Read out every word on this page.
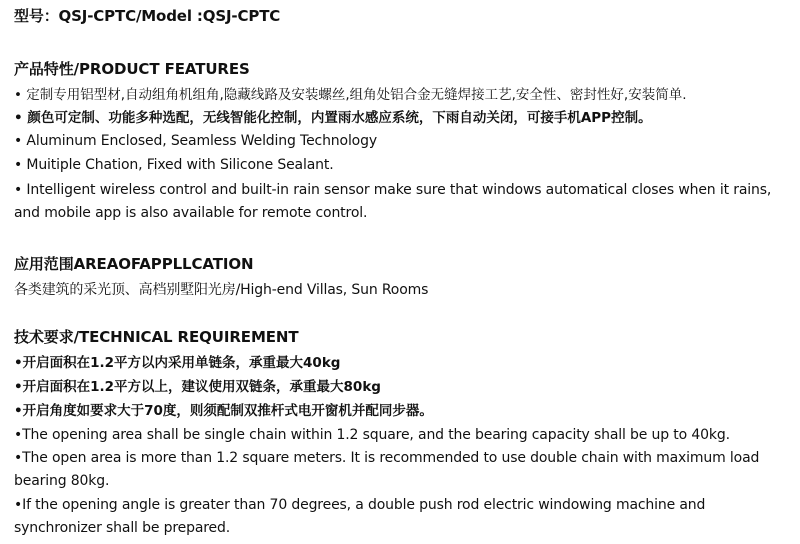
型号：QSJ-CPTC/Model :QSJ-CPTC
产品特性/PRODUCT FEATURES
• 定制专用铝型材,自动组角机组角,隐藏线路及安装螺丝,组角处铝合金无缝焊接工艺,安全性、密封性好,安装简单.
• 颜色可定制、功能多种选配，无线智能化控制，内置雨水感应系统，下雨自动关闭，可接手机APP控制。
• Aluminum Enclosed, Seamless Welding Technology
• Muitiple Chation, Fixed with Silicone Sealant.
• Intelligent wireless control and built-in rain sensor make sure that windows automatical closes when it rains, and mobile app is also available for remote control.
应用范围AREAOFAPPLLCATION
各类建筑的采光顶、高档别墅阳光房/High-end Villas, Sun Rooms
技术要求/TECHNICAL REQUIREMENT
•开启面积在1.2平方以内采用单链条，承重最大40kg
•开启面积在1.2平方以上，建议使用双链条，承重最大80kg
•开启角度如要求大于70度，则须配制双推杆式电开窗机并配同步器。
•The opening area shall be single chain within 1.2 square, and the bearing capacity shall be up to 40kg.
•The open area is more than 1.2 square meters. It is recommended to use double chain with maximum load bearing 80kg.
•If the opening angle is greater than 70 degrees, a double push rod electric windowing machine and synchronizer shall be prepared.
